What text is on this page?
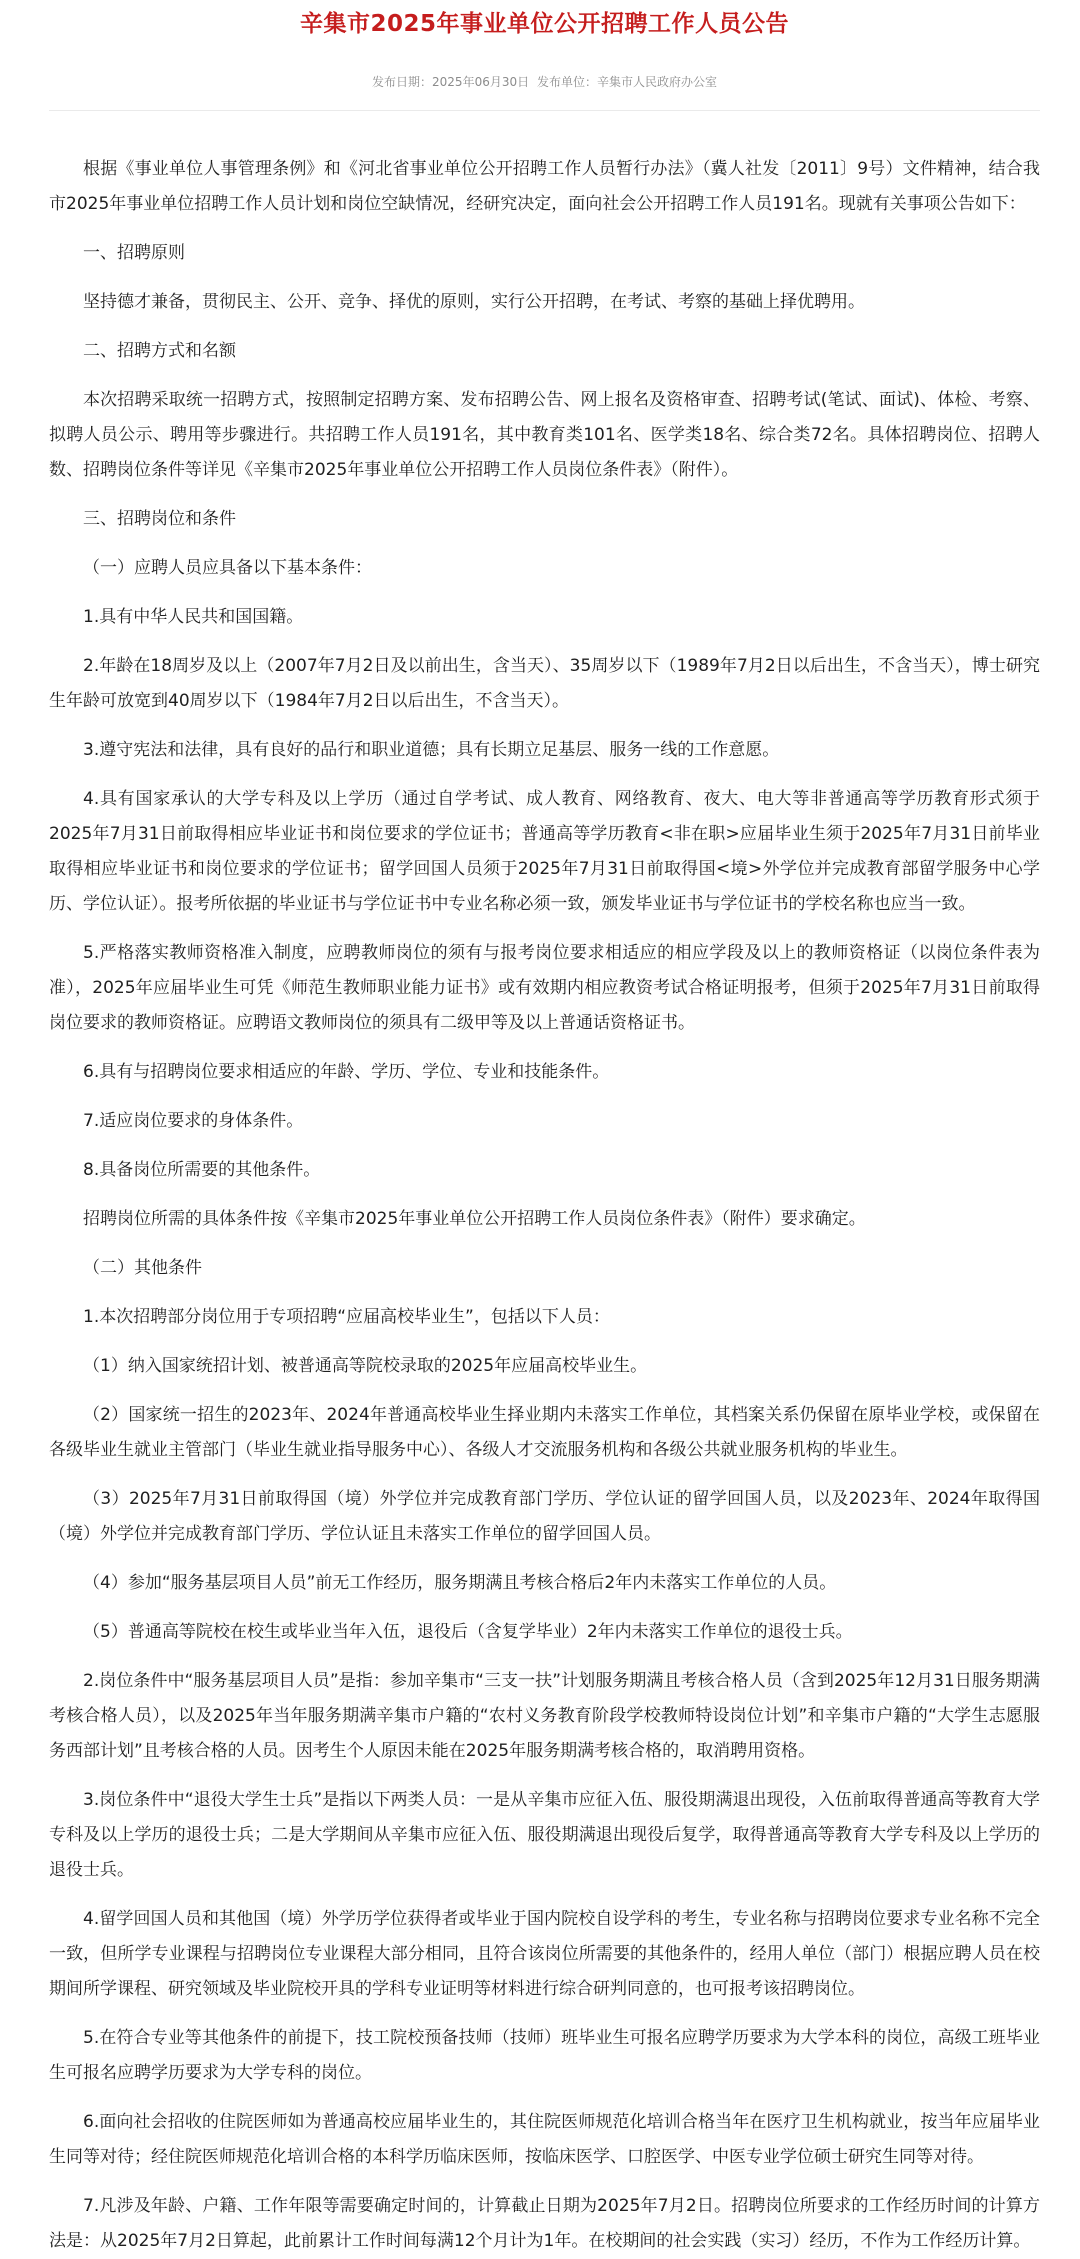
辛集市2025年事业单位公开招聘工作人员公告
发布日期：2025年06月30日 发布单位：辛集市人民政府办公室

根据《事业单位人事管理条例》和《河北省事业单位公开招聘工作人员暂行办法》（冀人社发〔2011〕9号）文件精神，结合我市2025年事业单位招聘工作人员计划和岗位空缺情况，经研究决定，面向社会公开招聘工作人员191名。现就有关事项公告如下：

一、招聘原则

坚持德才兼备，贯彻民主、公开、竞争、择优的原则，实行公开招聘，在考试、考察的基础上择优聘用。

二、招聘方式和名额

本次招聘采取统一招聘方式，按照制定招聘方案、发布招聘公告、网上报名及资格审查、招聘考试(笔试、面试)、体检、考察、拟聘人员公示、聘用等步骤进行。共招聘工作人员191名，其中教育类101名、医学类18名、综合类72名。具体招聘岗位、招聘人数、招聘岗位条件等详见《辛集市2025年事业单位公开招聘工作人员岗位条件表》（附件）。

三、招聘岗位和条件

（一）应聘人员应具备以下基本条件：

1.具有中华人民共和国国籍。

2.年龄在18周岁及以上（2007年7月2日及以前出生，含当天）、35周岁以下（1989年7月2日以后出生，不含当天），博士研究生年龄可放宽到40周岁以下（1984年7月2日以后出生，不含当天）。

3.遵守宪法和法律，具有良好的品行和职业道德；具有长期立足基层、服务一线的工作意愿。

4.具有国家承认的大学专科及以上学历（通过自学考试、成人教育、网络教育、夜大、电大等非普通高等学历教育形式须于2025年7月31日前取得相应毕业证书和岗位要求的学位证书；普通高等学历教育<非在职>应届毕业生须于2025年7月31日前毕业取得相应毕业证书和岗位要求的学位证书；留学回国人员须于2025年7月31日前取得国<境>外学位并完成教育部留学服务中心学历、学位认证）。报考所依据的毕业证书与学位证书中专业名称必须一致，颁发毕业证书与学位证书的学校名称也应当一致。

5.严格落实教师资格准入制度，应聘教师岗位的须有与报考岗位要求相适应的相应学段及以上的教师资格证（以岗位条件表为准），2025年应届毕业生可凭《师范生教师职业能力证书》或有效期内相应教资考试合格证明报考，但须于2025年7月31日前取得岗位要求的教师资格证。应聘语文教师岗位的须具有二级甲等及以上普通话资格证书。

6.具有与招聘岗位要求相适应的年龄、学历、学位、专业和技能条件。

7.适应岗位要求的身体条件。

8.具备岗位所需要的其他条件。

招聘岗位所需的具体条件按《辛集市2025年事业单位公开招聘工作人员岗位条件表》（附件）要求确定。

（二）其他条件

1.本次招聘部分岗位用于专项招聘“应届高校毕业生”，包括以下人员：

（1）纳入国家统招计划、被普通高等院校录取的2025年应届高校毕业生。

（2）国家统一招生的2023年、2024年普通高校毕业生择业期内未落实工作单位，其档案关系仍保留在原毕业学校，或保留在各级毕业生就业主管部门（毕业生就业指导服务中心）、各级人才交流服务机构和各级公共就业服务机构的毕业生。

（3）2025年7月31日前取得国（境）外学位并完成教育部门学历、学位认证的留学回国人员，以及2023年、2024年取得国（境）外学位并完成教育部门学历、学位认证且未落实工作单位的留学回国人员。

（4）参加“服务基层项目人员”前无工作经历，服务期满且考核合格后2年内未落实工作单位的人员。

（5）普通高等院校在校生或毕业当年入伍，退役后（含复学毕业）2年内未落实工作单位的退役士兵。

2.岗位条件中“服务基层项目人员”是指：参加辛集市“三支一扶”计划服务期满且考核合格人员（含到2025年12月31日服务期满考核合格人员），以及2025年当年服务期满辛集市户籍的“农村义务教育阶段学校教师特设岗位计划”和辛集市户籍的“大学生志愿服务西部计划”且考核合格的人员。因考生个人原因未能在2025年服务期满考核合格的，取消聘用资格。

3.岗位条件中“退役大学生士兵”是指以下两类人员：一是从辛集市应征入伍、服役期满退出现役，入伍前取得普通高等教育大学专科及以上学历的退役士兵；二是大学期间从辛集市应征入伍、服役期满退出现役后复学，取得普通高等教育大学专科及以上学历的退役士兵。

4.留学回国人员和其他国（境）外学历学位获得者或毕业于国内院校自设学科的考生，专业名称与招聘岗位要求专业名称不完全一致，但所学专业课程与招聘岗位专业课程大部分相同，且符合该岗位所需要的其他条件的，经用人单位（部门）根据应聘人员在校期间所学课程、研究领域及毕业院校开具的学科专业证明等材料进行综合研判同意的，也可报考该招聘岗位。

5.在符合专业等其他条件的前提下，技工院校预备技师（技师）班毕业生可报名应聘学历要求为大学本科的岗位，高级工班毕业生可报名应聘学历要求为大学专科的岗位。

6.面向社会招收的住院医师如为普通高校应届毕业生的，其住院医师规范化培训合格当年在医疗卫生机构就业，按当年应届毕业生同等对待；经住院医师规范化培训合格的本科学历临床医师，按临床医学、口腔医学、中医专业学位硕士研究生同等对待。

7.凡涉及年龄、户籍、工作年限等需要确定时间的，计算截止日期为2025年7月2日。招聘岗位所要求的工作经历时间的计算方法是：从2025年7月2日算起，此前累计工作时间每满12个月计为1年。在校期间的社会实践（实习）经历，不作为工作经历计算。
